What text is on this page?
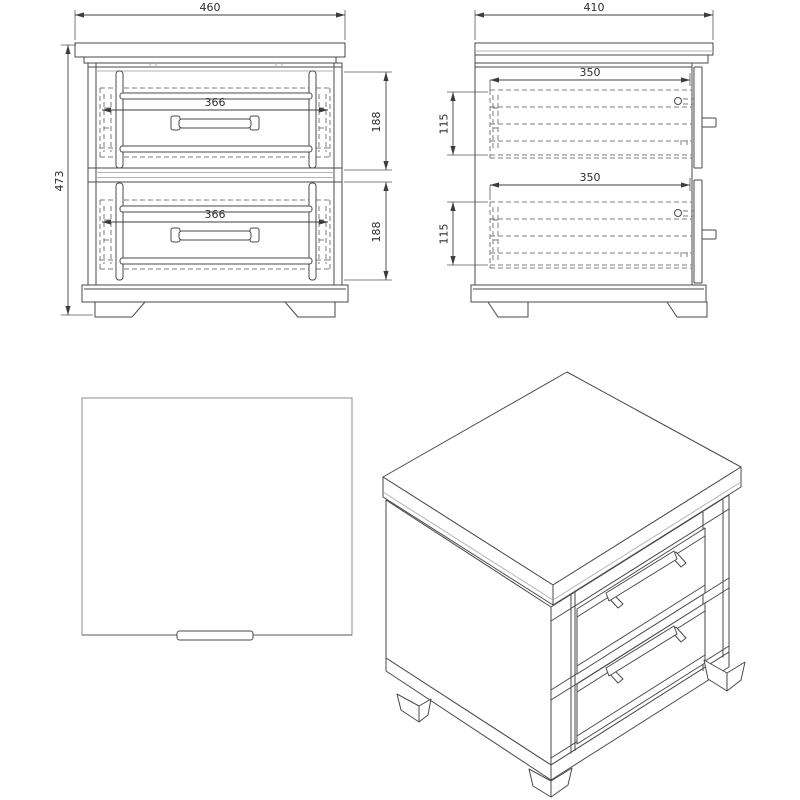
460
473
366
366
188
188
410
350
350
115
115
